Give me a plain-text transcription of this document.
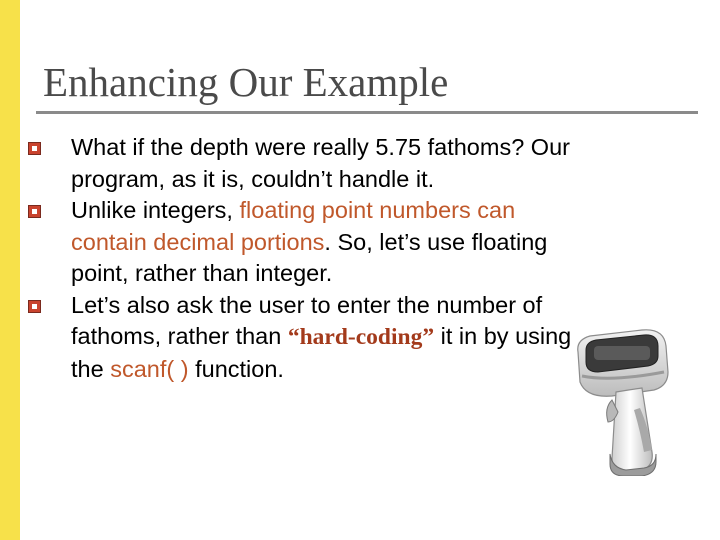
Enhancing Our Example
What if the depth were really 5.75 fathoms? Our program, as it is, couldn’t handle it.
Unlike integers, floating point numbers can contain decimal portions. So, let’s use floating point, rather than integer.
Let’s also ask the user to enter the number of fathoms, rather than “hard-coding” it in by using the scanf( ) function.
